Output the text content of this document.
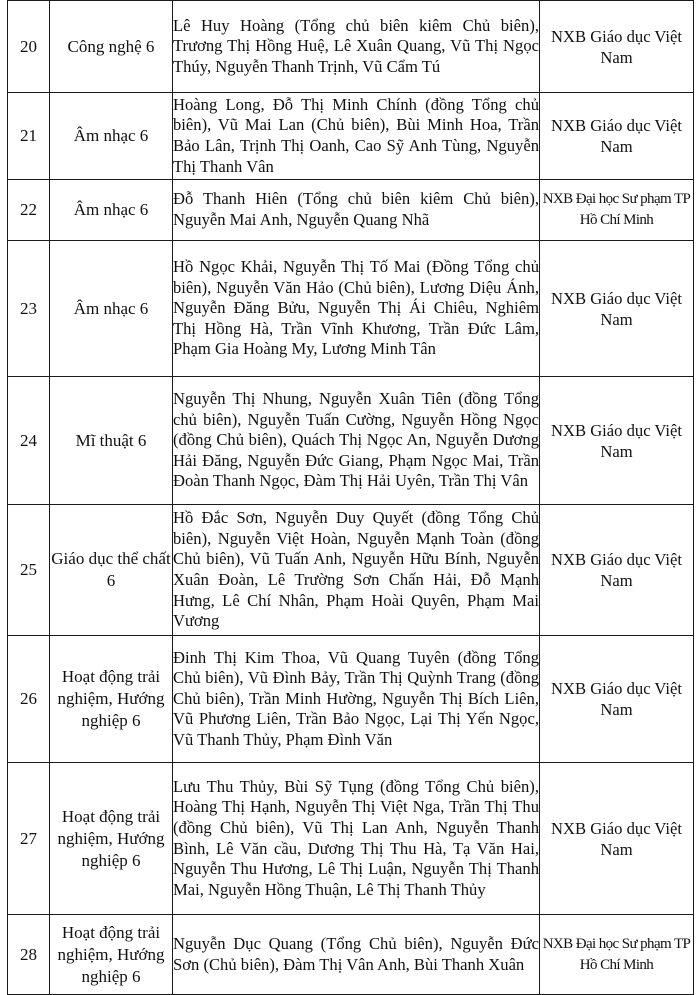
20	Công nghệ 6	Lê Huy Hoàng (Tổng chủ biên kiêm Chủ biên), Trương Thị Hồng Huệ, Lê Xuân Quang, Vũ Thị Ngọc Thúy, Nguyễn Thanh Trịnh, Vũ Cẩm Tú	NXB Giáo dục Việt Nam
21	Âm nhạc 6	Hoàng Long, Đỗ Thị Minh Chính (đồng Tổng chủ biên), Vũ Mai Lan (Chủ biên), Bùi Minh Hoa, Trần Bảo Lân, Trịnh Thị Oanh, Cao Sỹ Anh Tùng, Nguyễn Thị Thanh Vân	NXB Giáo dục Việt Nam
22	Âm nhạc 6	Đỗ Thanh Hiên (Tổng chủ biên kiêm Chủ biên), Nguyễn Mai Anh, Nguyễn Quang Nhã	NXB Đại học Sư phạm TP Hồ Chí Minh
23	Âm nhạc 6	Hồ Ngọc Khải, Nguyễn Thị Tố Mai (Đồng Tổng chủ biên), Nguyễn Văn Hảo (Chủ biên), Lương Diệu Ánh, Nguyễn Đăng Bửu, Nguyễn Thị Ái Chiêu, Nghiêm Thị Hồng Hà, Trần Vĩnh Khương, Trần Đức Lâm, Phạm Gia Hoàng My, Lương Minh Tân	NXB Giáo dục Việt Nam
24	Mĩ thuật 6	Nguyễn Thị Nhung, Nguyễn Xuân Tiên (đồng Tổng chủ biên), Nguyễn Tuấn Cường, Nguyễn Hồng Ngọc (đồng Chủ biên), Quách Thị Ngọc An, Nguyễn Dương Hải Đăng, Nguyễn Đức Giang, Phạm Ngọc Mai, Trần Đoàn Thanh Ngọc, Đàm Thị Hải Uyên, Trần Thị Vân	NXB Giáo dục Việt Nam
25	Giáo dục thể chất 6	Hồ Đắc Sơn, Nguyễn Duy Quyết (đồng Tổng Chủ biên), Nguyễn Việt Hoàn, Nguyễn Mạnh Toàn (đồng Chủ biên), Vũ Tuấn Anh, Nguyễn Hữu Bính, Nguyễn Xuân Đoàn, Lê Trường Sơn Chấn Hải, Đỗ Mạnh Hưng, Lê Chí Nhân, Phạm Hoài Quyên, Phạm Mai Vương	NXB Giáo dục Việt Nam
26	Hoạt động trải nghiệm, Hướng nghiệp 6	Đinh Thị Kim Thoa, Vũ Quang Tuyên (đồng Tổng Chủ biên), Vũ Đình Bảy, Trần Thị Quỳnh Trang (đồng Chủ biên), Trần Minh Hường, Nguyễn Thị Bích Liên, Vũ Phương Liên, Trần Bảo Ngọc, Lại Thị Yến Ngọc, Vũ Thanh Thủy, Phạm Đình Văn	NXB Giáo dục Việt Nam
27	Hoạt động trải nghiệm, Hướng nghiệp 6	Lưu Thu Thủy, Bùi Sỹ Tụng (đồng Tổng Chủ biên), Hoàng Thị Hạnh, Nguyễn Thị Việt Nga, Trần Thị Thu (đồng Chủ biên), Vũ Thị Lan Anh, Nguyễn Thanh Bình, Lê Văn cầu, Dương Thị Thu Hà, Tạ Văn Hai, Nguyễn Thu Hương, Lê Thị Luận, Nguyễn Thị Thanh Mai, Nguyễn Hồng Thuận, Lê Thị Thanh Thủy	NXB Giáo dục Việt Nam
28	Hoạt động trải nghiệm, Hướng nghiệp 6	Nguyễn Dục Quang (Tổng Chủ biên), Nguyễn Đức Sơn (Chủ biên), Đàm Thị Vân Anh, Bùi Thanh Xuân	NXB Đại học Sư phạm TP Hồ Chí Minh
